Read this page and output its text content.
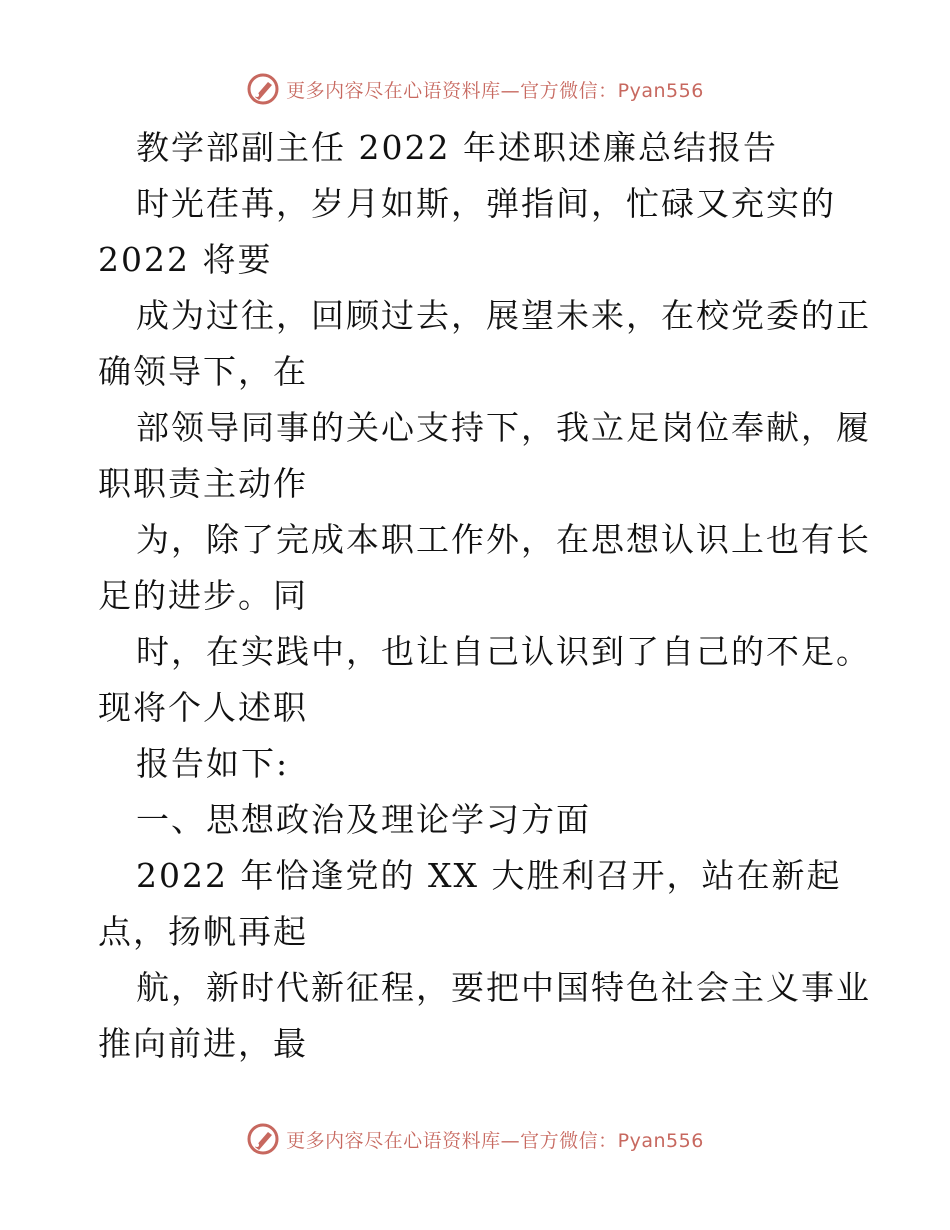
更多内容尽在心语资料库—官方微信：Pyan556
教学部副主任 2022 年述职述廉总结报告
时光荏苒，岁月如斯，弹指间，忙碌又充实的
2022 将要
成为过往，回顾过去，展望未来，在校党委的正
确领导下，在
部领导同事的关心支持下，我立足岗位奉献，履
职职责主动作
为，除了完成本职工作外，在思想认识上也有长
足的进步。同
时，在实践中，也让自己认识到了自己的不足。
现将个人述职
报告如下:
一、思想政治及理论学习方面
2022 年恰逢党的 XX 大胜利召开，站在新起
点，扬帆再起
航，新时代新征程，要把中国特色社会主义事业
推向前进，最
更多内容尽在心语资料库—官方微信：Pyan556
